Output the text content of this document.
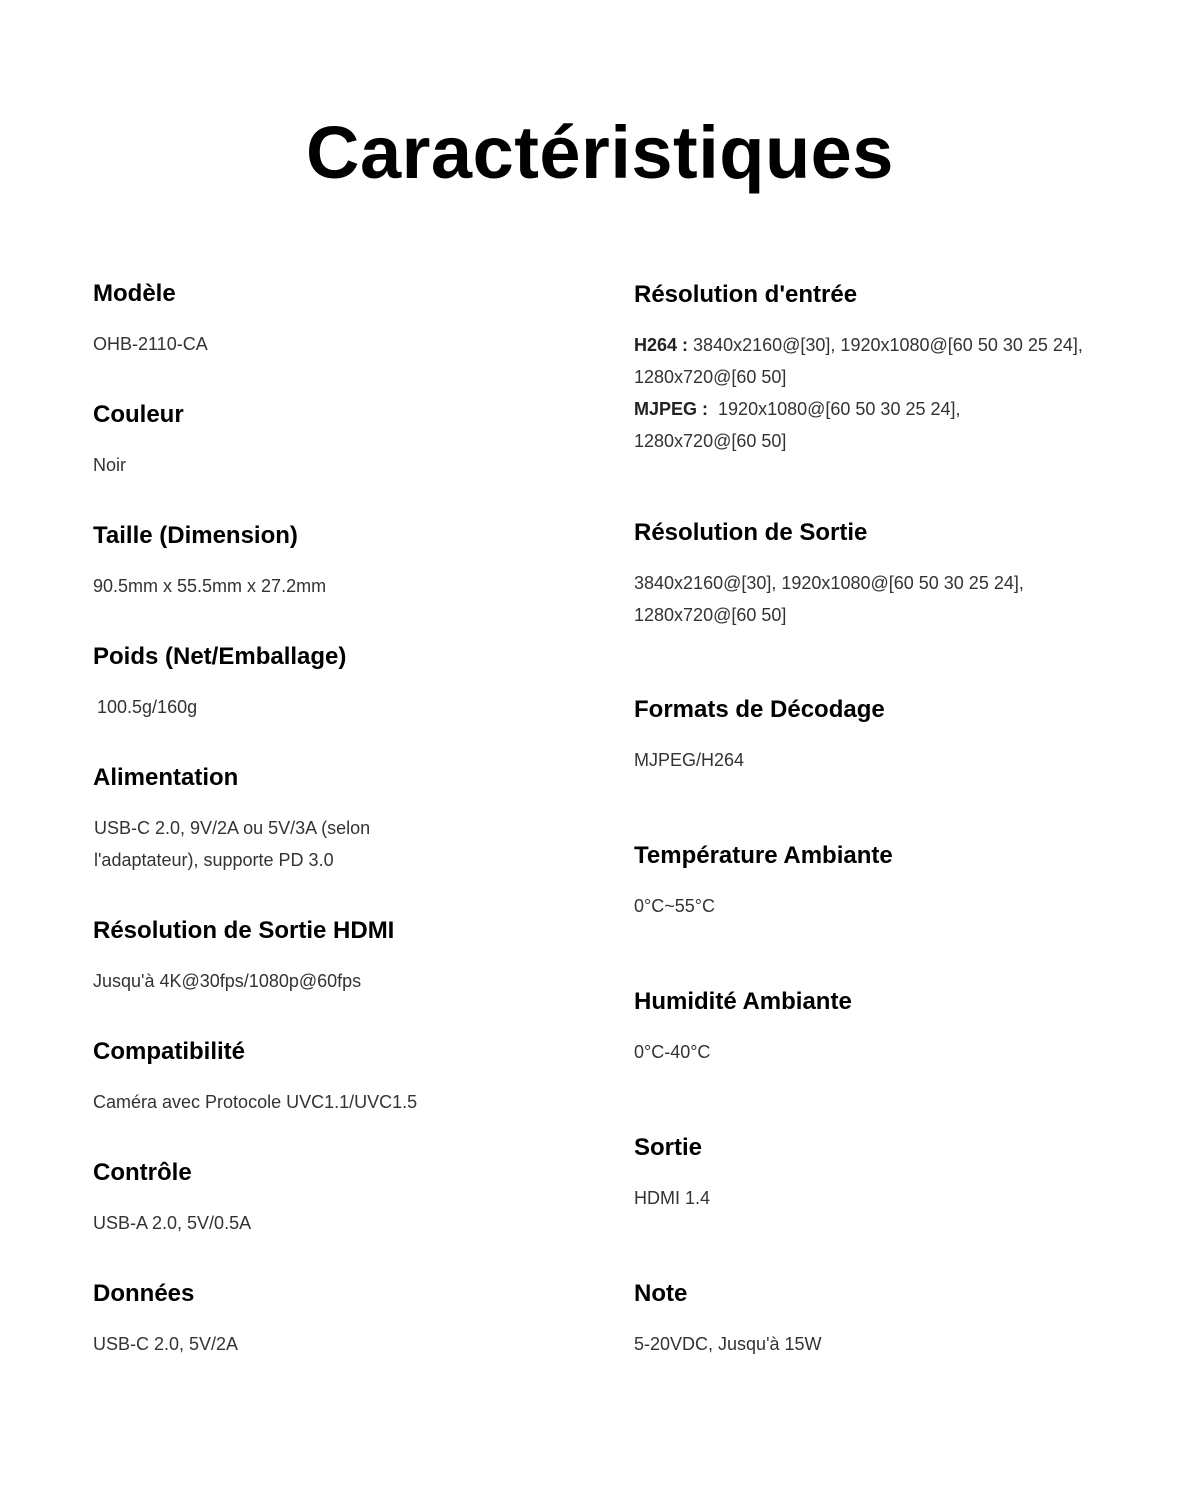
Caractéristiques
Modèle
OHB-2110-CA
Couleur
Noir
Taille (Dimension)
90.5mm x 55.5mm x 27.2mm
Poids (Net/Emballage)
100.5g/160g
Alimentation
USB-C 2.0, 9V/2A ou 5V/3A (selon l'adaptateur), supporte PD 3.0
Résolution de Sortie HDMI
Jusqu'à 4K@30fps/1080p@60fps
Compatibilité
Caméra avec Protocole UVC1.1/UVC1.5
Contrôle
USB-A 2.0, 5V/0.5A
Données
USB-C 2.0, 5V/2A
Résolution d'entrée
H264 : 3840x2160@[30], 1920x1080@[60 50 30 25 24], 1280x720@[60 50]
MJPEG : 1920x1080@[60 50 30 25 24], 1280x720@[60 50]
Résolution de Sortie
3840x2160@[30], 1920x1080@[60 50 30 25 24], 1280x720@[60 50]
Formats de Décodage
MJPEG/H264
Température Ambiante
0°C~55°C
Humidité Ambiante
0°C-40°C
Sortie
HDMI 1.4
Note
5-20VDC, Jusqu'à 15W
